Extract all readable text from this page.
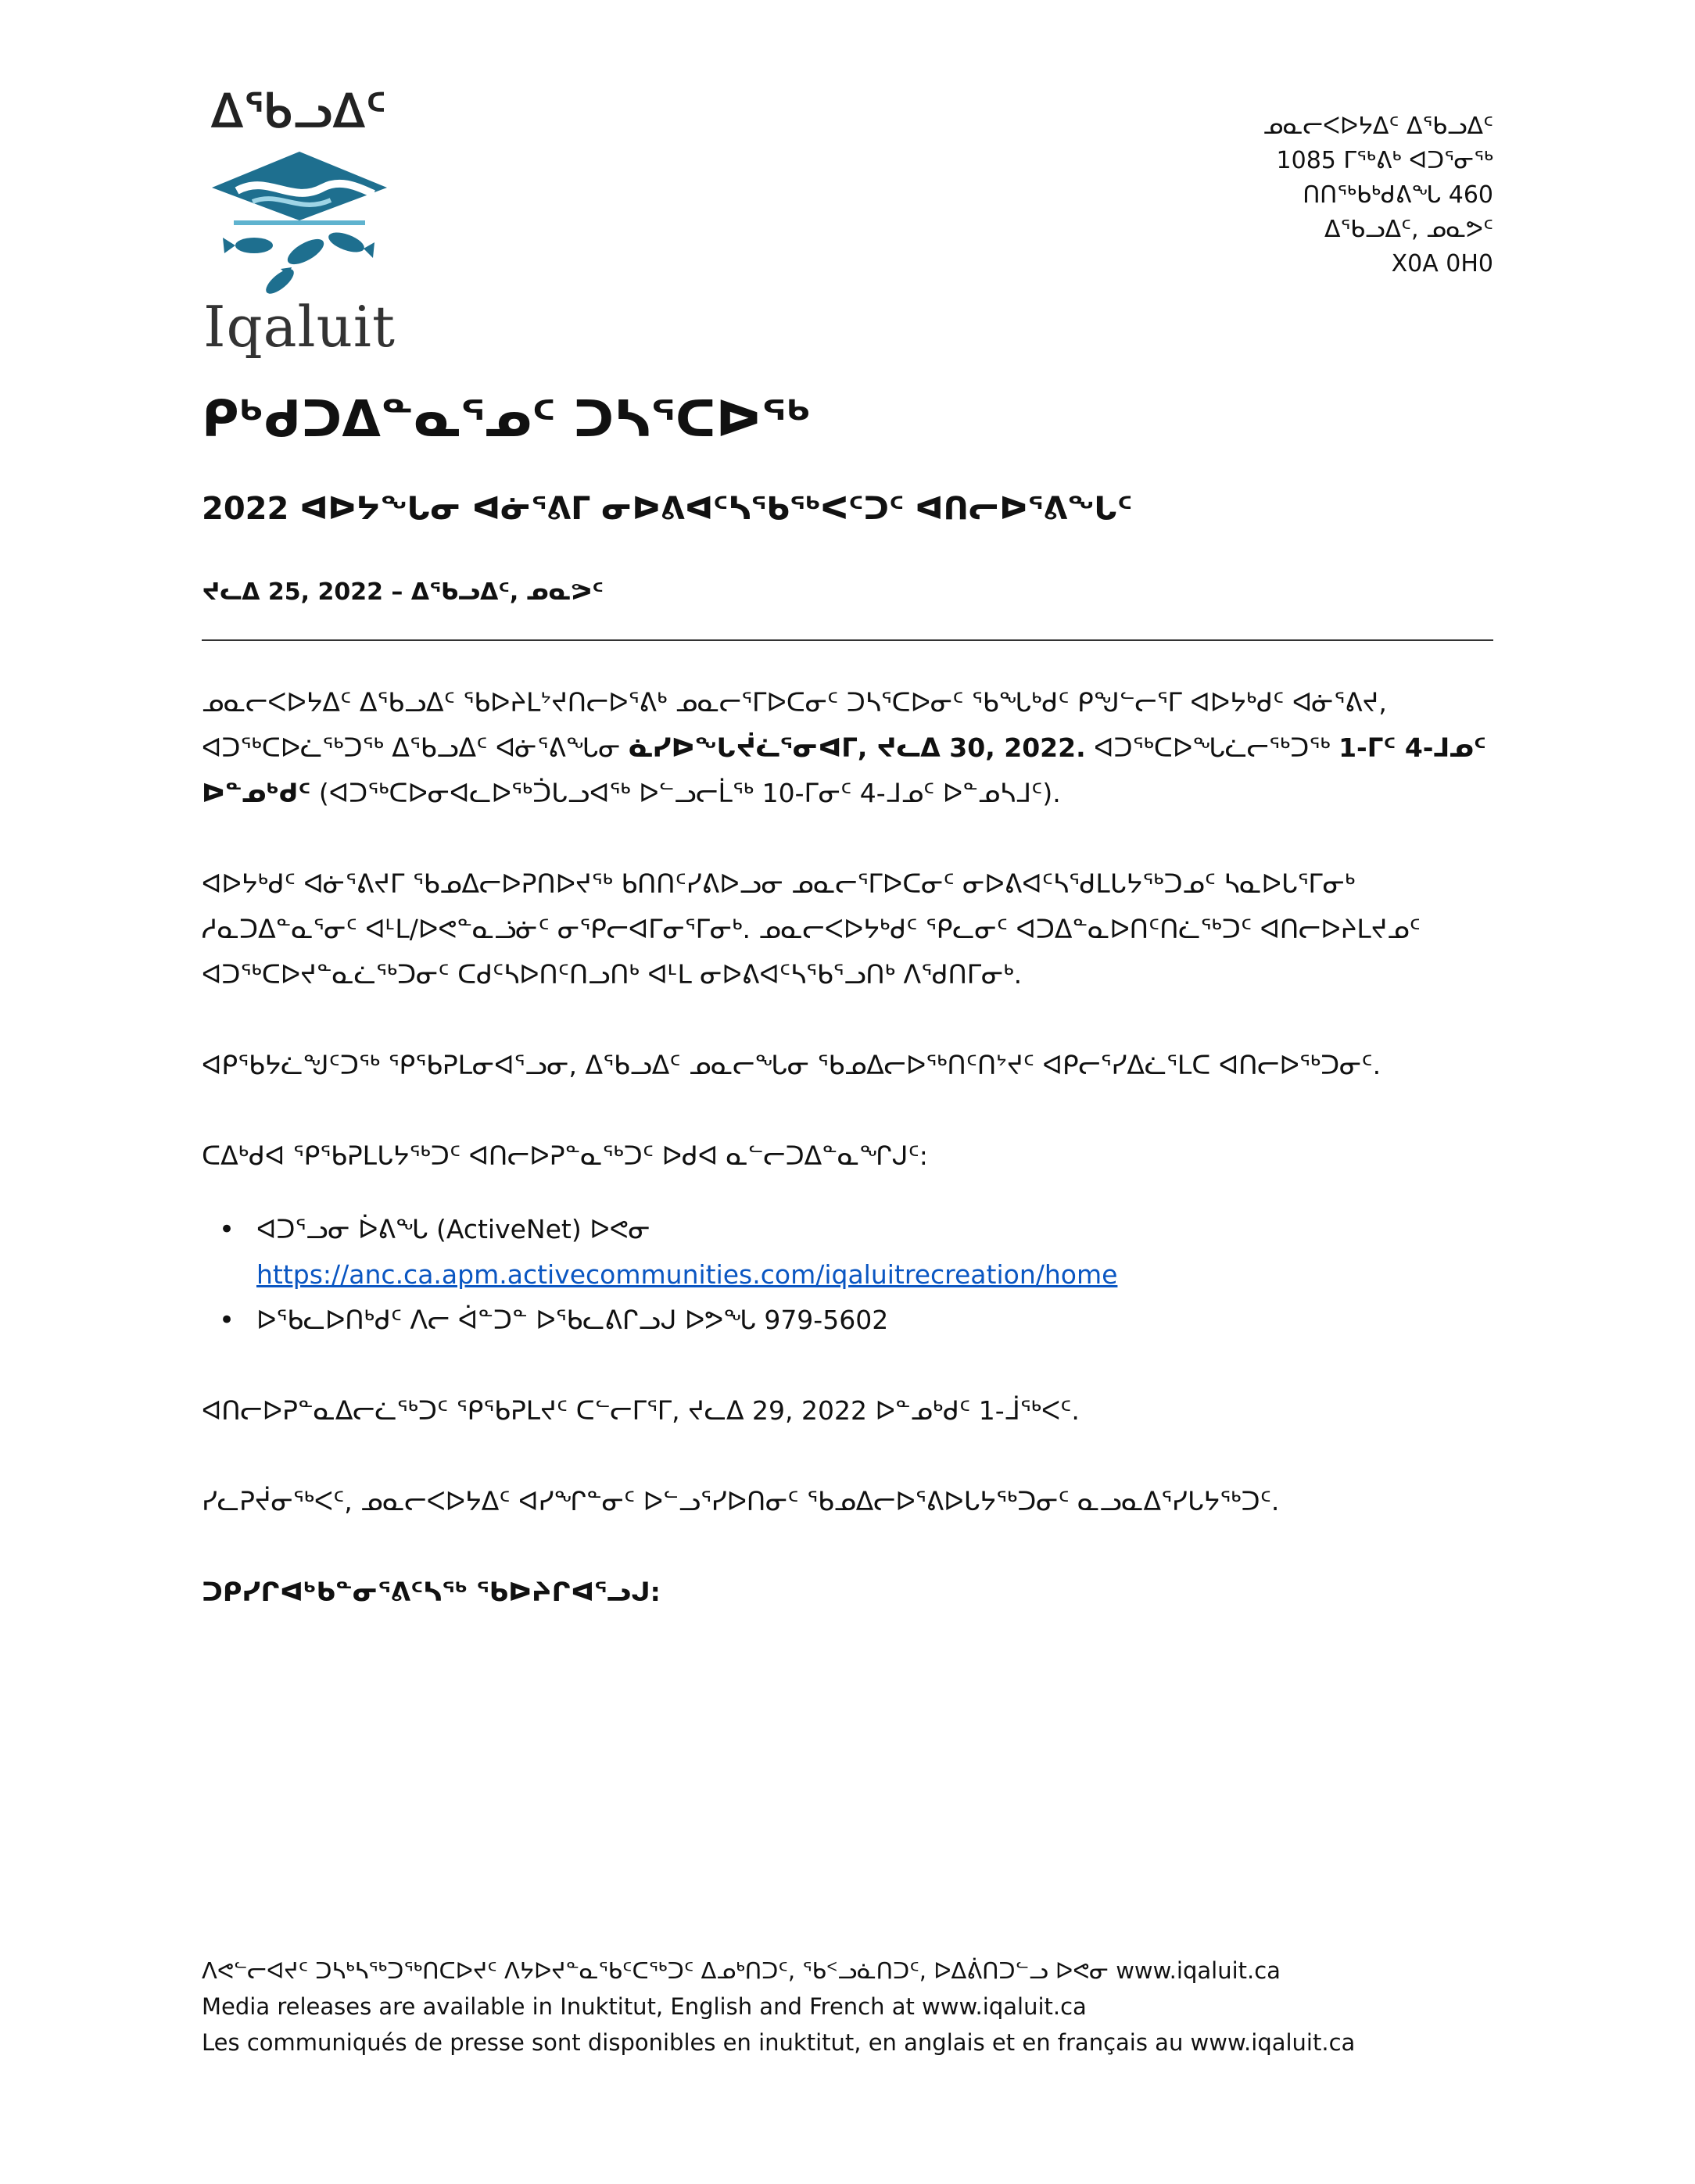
ᐃᖃᓗᐃᑦ
Iqaluit
ᓄᓇᓕᐸᐅᔭᐃᑦ ᐃᖃᓗᐃᑦ
1085 ᒥᖅᕕᒃ ᐊᑐᕐᓂᖅ
ᑎᑎᖅᑲᒃᑯᕕᖓ 460
ᐃᖃᓗᐃᑦ, ᓄᓇᕗᑦ
X0A 0H0
ᑭᒃᑯᑐᐃᓐᓇᕐᓄᑦ ᑐᓴᕐᑕᐅᖅ
2022 ᐊᐅᔭᖓᓂ ᐊᓃᕐᕕᒥ ᓂᐅᕕᐊᑦᓴᖃᖅᐸᑦᑐᑦ ᐊᑎᓕᐅᕐᕕᖓᑦ
ᔪᓚᐃ 25, 2022 – ᐃᖃᓗᐃᑦ, ᓄᓇᕗᑦ

ᓄᓇᓕᐸᐅᔭᐃᑦ ᐃᖃᓗᐃᑦ ᖃᐅᔨᒪᔾᔪᑎᓕᐅᕐᕕᒃ ᓄᓇᓕᕐᒥᐅᑕᓂᑦ ᑐᓴᕐᑕᐅᓂᑦ ᖃᖓᒃᑯᑦ ᑭᖑᓪᓕᕐᒥ ᐊᐅᔭᒃᑯᑦ ᐊᓃᕐᕕᔪ, ᐊᑐᖅᑕᐅᓛᖅᑐᖅ ᐃᖃᓗᐃᑦ ᐊᓃᕐᕕᖓᓂ ᓈᓯᐅᖓᔫᓛᕐᓂᐊᒥ, ᔪᓚᐃ 30, 2022. ᐊᑐᖅᑕᐅᖓᓛᓕᖅᑐᖅ 1-ᒥᑦ 4-ᒧᓄᑦ ᐅᓐᓄᒃᑯᑦ (ᐊᑐᖅᑕᐅᓂᐊᓚᐅᖅᑑᒐᓗᐊᖅ ᐅᓪᓗᓕᒫᖅ 10-ᒥᓂᑦ 4-ᒧᓄᑦ ᐅᓐᓄᓴᒧᑦ).

ᐊᐅᔭᒃᑯᑦ ᐊᓃᕐᕕᔪᒥ ᖃᓄᐃᓕᐅᕈᑎᐅᔪᖅ ᑲᑎᑎᑦᓯᕕᐅᓗᓂ ᓄᓇᓕᕐᒥᐅᑕᓂᑦ ᓂᐅᕕᐊᑦᓴᕐᑯᒪᒐᔭᖅᑐᓄᑦ ᓴᓇᐅᒐᕐᒥᓂᒃ ᓱᓇᑐᐃᓐᓇᕐᓂᑦ ᐊᒻᒪ/ᐅᕙᓐᓇᓘᓃᑦ ᓂᕿᓕᐊᒥᓂᕐᒥᓂᒃ. ᓄᓇᓕᐸᐅᔭᒃᑯᑦ ᕿᓚᓂᑦ ᐊᑐᐃᓐᓇᐅᑎᑦᑎᓛᖅᑐᑦ ᐊᑎᓕᐅᔨᒪᔪᓄᑦ ᐊᑐᖅᑕᐅᔪᓐᓇᓛᖅᑐᓂᑦ ᑕᑯᑦᓴᐅᑎᑦᑎᓗᑎᒃ ᐊᒻᒪ ᓂᐅᕕᐊᑦᓴᖃᕐᓗᑎᒃ ᐱᕐᑯᑎᒥᓂᒃ.

ᐊᑭᖃᔭᓛᖑᑦᑐᖅ ᕿᖃᕈᒪᓂᐊᕐᓗᓂ, ᐃᖃᓗᐃᑦ ᓄᓇᓕᖓᓂ ᖃᓄᐃᓕᐅᖅᑎᑦᑎᔾᔪᑦ ᐊᑭᓕᕐᓯᐃᓛᕐᒪᑕ ᐊᑎᓕᐅᖅᑐᓂᑦ.

ᑕᐃᒃᑯᐊ ᕿᖃᕈᒪᒐᔭᖅᑐᑦ ᐊᑎᓕᐅᕈᓐᓇᖅᑐᑦ ᐅᑯᐊ ᓇᓪᓕᑐᐃᓐᓇᖏᒍᑦ:

• ᐊᑐᕐᓗᓂ ᐆᕕᖓ (ActiveNet) ᐅᕙᓂ
https://anc.ca.apm.activecommunities.com/iqaluitrecreation/home
• ᐅᖃᓚᐅᑎᒃᑯᑦ ᐱᓕ ᐋᓐᑐᓐ ᐅᖃᓚᕕᒋᓗᒍ ᐅᕗᖓ 979-5602

ᐊᑎᓕᐅᕈᓐᓇᐃᓕᓛᖅᑐᑦ ᕿᖃᕈᒪᔪᑦ ᑕᓪᓕᒥᕐᒥ, ᔪᓚᐃ 29, 2022 ᐅᓐᓄᒃᑯᑦ 1-ᒨᖅᐸᑦ.

ᓯᓚᕈᔫᓂᖅᐸᑦ, ᓄᓇᓕᐸᐅᔭᐃᑦ ᐊᓯᖏᓐᓂᑦ ᐅᓪᓗᕐᓯᐅᑎᓂᑦ ᖃᓄᐃᓕᐅᕐᕕᐅᒐᔭᖅᑐᓂᑦ ᓇᓗᓇᐃᕐᓯᒐᔭᖅᑐᑦ.

ᑐᑭᓯᒋᐊᒃᑲᓐᓂᕐᕕᑦᓴᖅ ᖃᐅᔨᒋᐊᕐᓗᒍ:

ᐱᕙᓪᓕᐊᔪᑦ ᑐᓴᒃᓴᖅᑐᖅᑎᑕᐅᔪᑦ ᐱᔭᐅᔪᓐᓇᖃᑦᑕᖅᑐᑦ ᐃᓄᒃᑎᑐᑦ, ᖃᑉᓗᓈᑎᑐᑦ, ᐅᐃᕖᑎᑐᓪᓗ ᐅᕙᓂ www.iqaluit.ca
Media releases are available in Inuktitut, English and French at www.iqaluit.ca
Les communiqués de presse sont disponibles en inuktitut, en anglais et en français au www.iqaluit.ca
